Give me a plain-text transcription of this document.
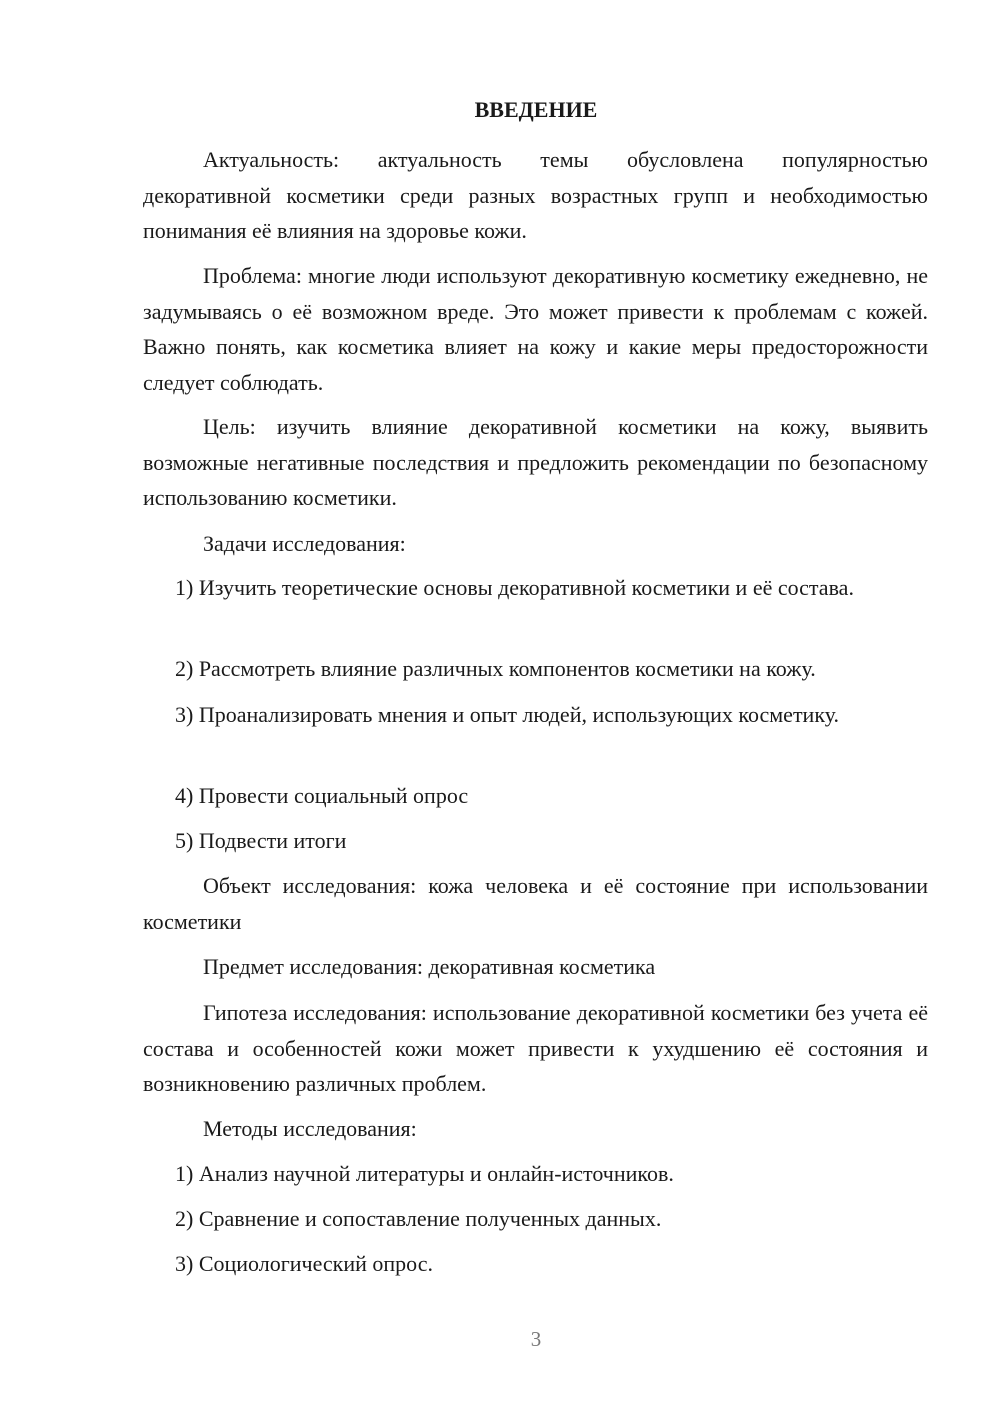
ВВЕДЕНИЕ

Актуальность: актуальность темы обусловлена популярностью декоративной косметики среди разных возрастных групп и необходимостью понимания её влияния на здоровье кожи.

Проблема: многие люди используют декоративную косметику ежедневно, не задумываясь о её возможном вреде. Это может привести к проблемам с кожей. Важно понять, как косметика влияет на кожу и какие меры предосторожности следует соблюдать.

Цель: изучить влияние декоративной косметики на кожу, выявить возможные негативные последствия и предложить рекомендации по безопасному использованию косметики.

Задачи исследования:

1) Изучить теоретические основы декоративной косметики и её состава.

2) Рассмотреть влияние различных компонентов косметики на кожу.

3) Проанализировать мнения и опыт людей, использующих косметику.

4) Провести социальный опрос

5) Подвести итоги

Объект исследования: кожа человека и её состояние при использовании косметики

Предмет исследования: декоративная косметика

Гипотеза исследования: использование декоративной косметики без учета её состава и особенностей кожи может привести к ухудшению её состояния и возникновению различных проблем.

Методы исследования:

1) Анализ научной литературы и онлайн-источников.

2) Сравнение и сопоставление полученных данных.

3) Социологический опрос.

3
